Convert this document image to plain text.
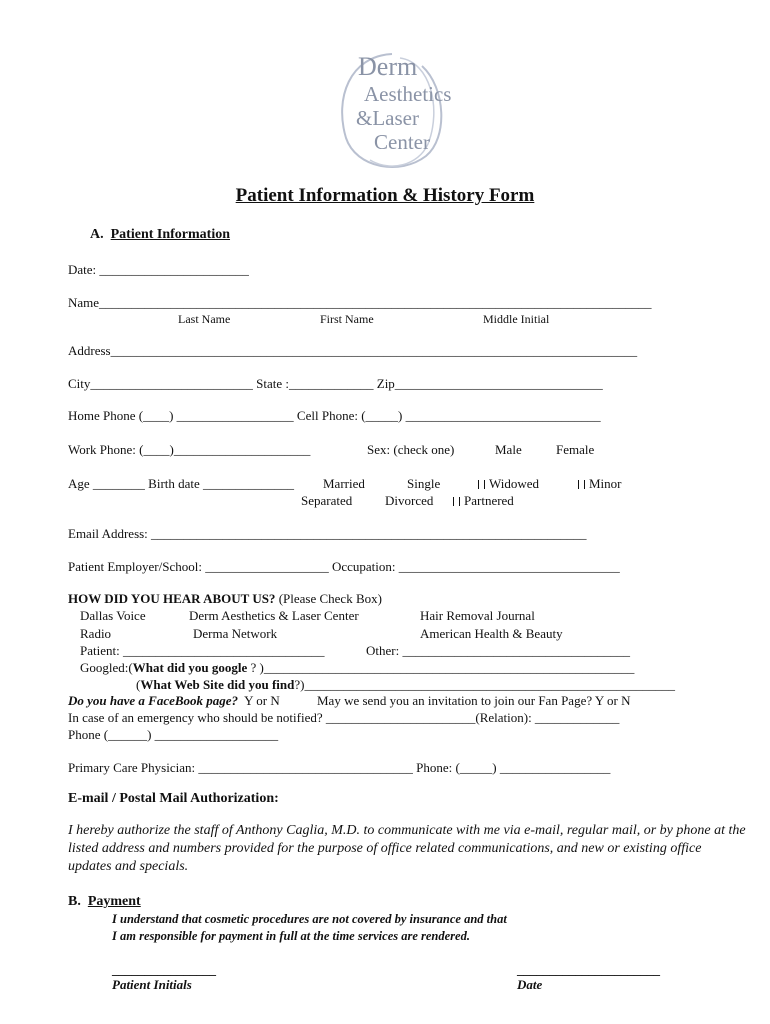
Derm
Aesthetics
&Laser
Center
Patient Information & History Form
A. Patient Information
Date: _______________________
Name_____________________________________________________________________________________
Last Name	First Name	Middle Initial
Address_________________________________________________________________________________
City_________________________ State :_____________ Zip________________________________
Home Phone (____) __________________ Cell Phone: (_____) ______________________________
Work Phone: (____)_____________________	Sex: (check one)	Male	Female
Age ________ Birth date ______________ Married	Single	Widowed	Minor
Separated	Divorced	Partnered
Email Address: ___________________________________________________________________
Patient Employer/School: ___________________ Occupation: __________________________________
HOW DID YOU HEAR ABOUT US? (Please Check Box)
Dallas Voice	Derm Aesthetics & Laser Center	Hair Removal Journal
Radio	Derma Network	American Health & Beauty
Patient: _______________________________	Other: ___________________________________
Googled:(What did you google ? )_________________________________________________________
(What Web Site did you find?)_________________________________________________________
Do you have a FaceBook page?  Y or N	May we send you an invitation to join our Fan Page? Y or N
In case of an emergency who should be notified? _______________________(Relation): _____________
Phone (______) ___________________
Primary Care Physician: _________________________________ Phone: (_____) _________________
E-mail / Postal Mail Authorization:
I hereby authorize the staff of Anthony Caglia, M.D. to communicate with me via e-mail, regular mail, or by phone at the listed address and numbers provided for the purpose of office related communications, and new or existing office updates and specials.
B. Payment
I understand that cosmetic procedures are not covered by insurance and that
I am responsible for payment in full at the time services are rendered.
________________
Patient Initials
______________________
Date
